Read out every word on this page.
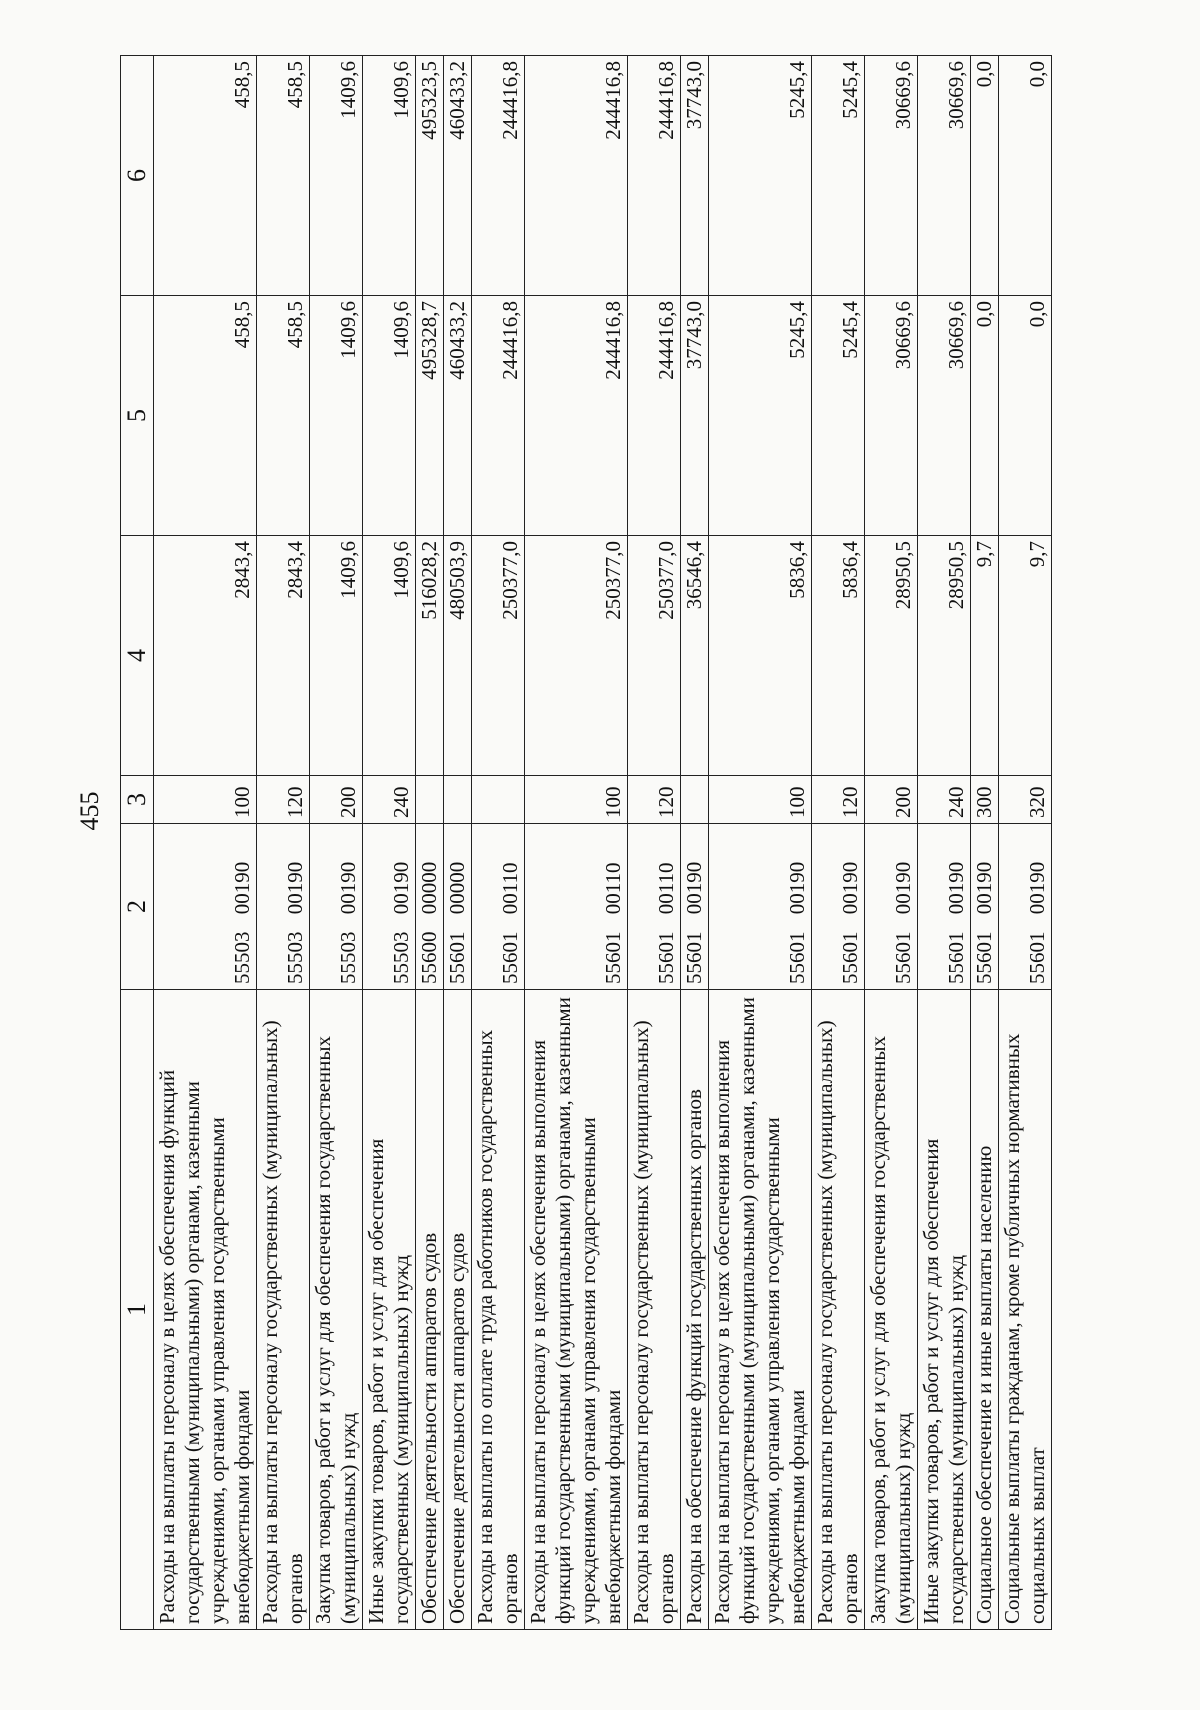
455
1	2	3	4	5	6
Расходы на выплаты персоналу в целях обеспечения функций государственными (муниципальными) органами, казенными учреждениями, органами управления государственными внебюджетными фондами	55503 00190	100	2843,4	458,5	458,5
Расходы на выплаты персоналу государственных (муниципальных) органов	55503 00190	120	2843,4	458,5	458,5
Закупка товаров, работ и услуг для обеспечения государственных (муниципальных) нужд	55503 00190	200	1409,6	1409,6	1409,6
Иные закупки товаров, работ и услуг для обеспечения государственных (муниципальных) нужд	55503 00190	240	1409,6	1409,6	1409,6
Обеспечение деятельности аппаратов судов	55600 00000		516028,2	495328,7	495323,5
Обеспечение деятельности аппаратов судов	55601 00000		480503,9	460433,2	460433,2
Расходы на выплаты по оплате труда работников государственных органов	55601 00110		250377,0	244416,8	244416,8
Расходы на выплаты персоналу в целях обеспечения выполнения функций государственными (муниципальными) органами, казенными учреждениями, органами управления государственными внебюджетными фондами	55601 00110	100	250377,0	244416,8	244416,8
Расходы на выплаты персоналу государственных (муниципальных) органов	55601 00110	120	250377,0	244416,8	244416,8
Расходы на обеспечение функций государственных органов	55601 00190		36546,4	37743,0	37743,0
Расходы на выплаты персоналу в целях обеспечения выполнения функций государственными (муниципальными) органами, казенными учреждениями, органами управления государственными внебюджетными фондами	55601 00190	100	5836,4	5245,4	5245,4
Расходы на выплаты персоналу государственных (муниципальных) органов	55601 00190	120	5836,4	5245,4	5245,4
Закупка товаров, работ и услуг для обеспечения государственных (муниципальных) нужд	55601 00190	200	28950,5	30669,6	30669,6
Иные закупки товаров, работ и услуг для обеспечения государственных (муниципальных) нужд	55601 00190	240	28950,5	30669,6	30669,6
Социальное обеспечение и иные выплаты населению	55601 00190	300	9,7	0,0	0,0
Социальные выплаты гражданам, кроме публичных нормативных социальных выплат	55601 00190	320	9,7	0,0	0,0
